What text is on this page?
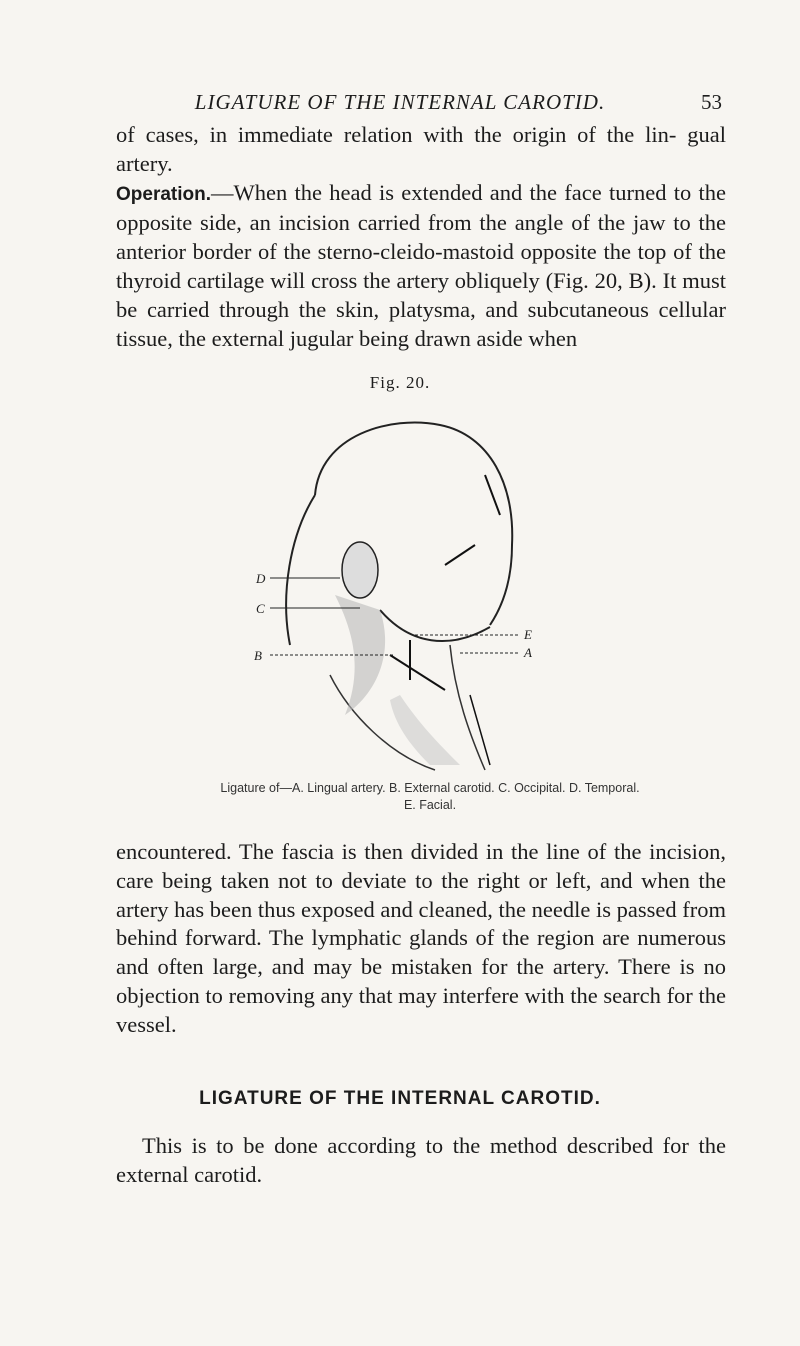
LIGATURE OF THE INTERNAL CAROTID.	53

of cases, in immediate relation with the origin of the lin- gual artery.
Operation.—When the head is extended and the face turned to the opposite side, an incision carried from the angle of the jaw to the anterior border of the sterno-cleido-mastoid opposite the top of the thyroid cartilage will cross the artery obliquely (Fig. 20, B). It must be carried through the skin, platysma, and subcutaneous cellular tissue, the external jugular being drawn aside when

Fig. 20.
D
C
B
E
A
Ligature of—A. Lingual artery. B. External carotid. C. Occipital. D. Temporal.
E. Facial.

encountered. The fascia is then divided in the line of the incision, care being taken not to deviate to the right or left, and when the artery has been thus exposed and cleaned, the needle is passed from behind forward. The lymphatic glands of the region are numerous and often large, and may be mistaken for the artery. There is no objection to removing any that may interfere with the search for the vessel.

LIGATURE OF THE INTERNAL CAROTID.

This is to be done according to the method described for the external carotid.
